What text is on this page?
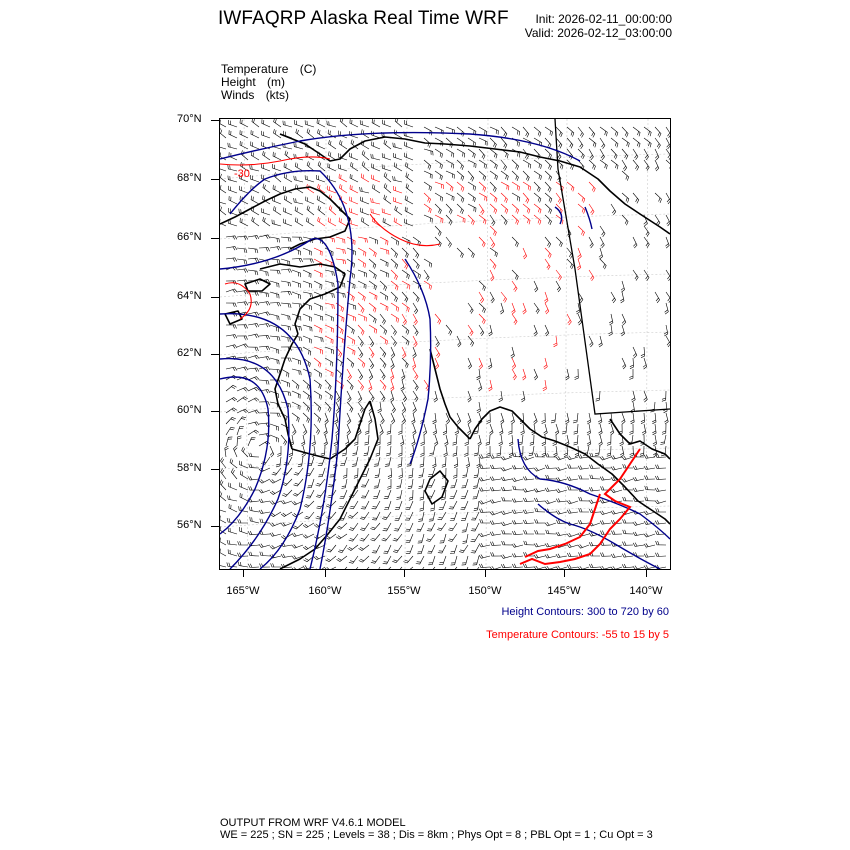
IWFAQRP Alaska Real Time WRF	Init: 2026-02-11_00:00:00
Valid: 2026-02-12_03:00:00
Temperature (C)
Height (m)
Winds (kts)
-30
70°N
68°N
66°N
64°N
62°N
60°N
58°N
56°N
165°W	160°W	155°W	150°W	145°W	140°W
Height Contours: 300 to 720 by 60
Temperature Contours: -55 to 15 by 5
OUTPUT FROM WRF V4.6.1 MODEL
WE = 225 ; SN = 225 ; Levels = 38 ; Dis = 8km ; Phys Opt = 8 ; PBL Opt = 1 ; Cu Opt = 3
